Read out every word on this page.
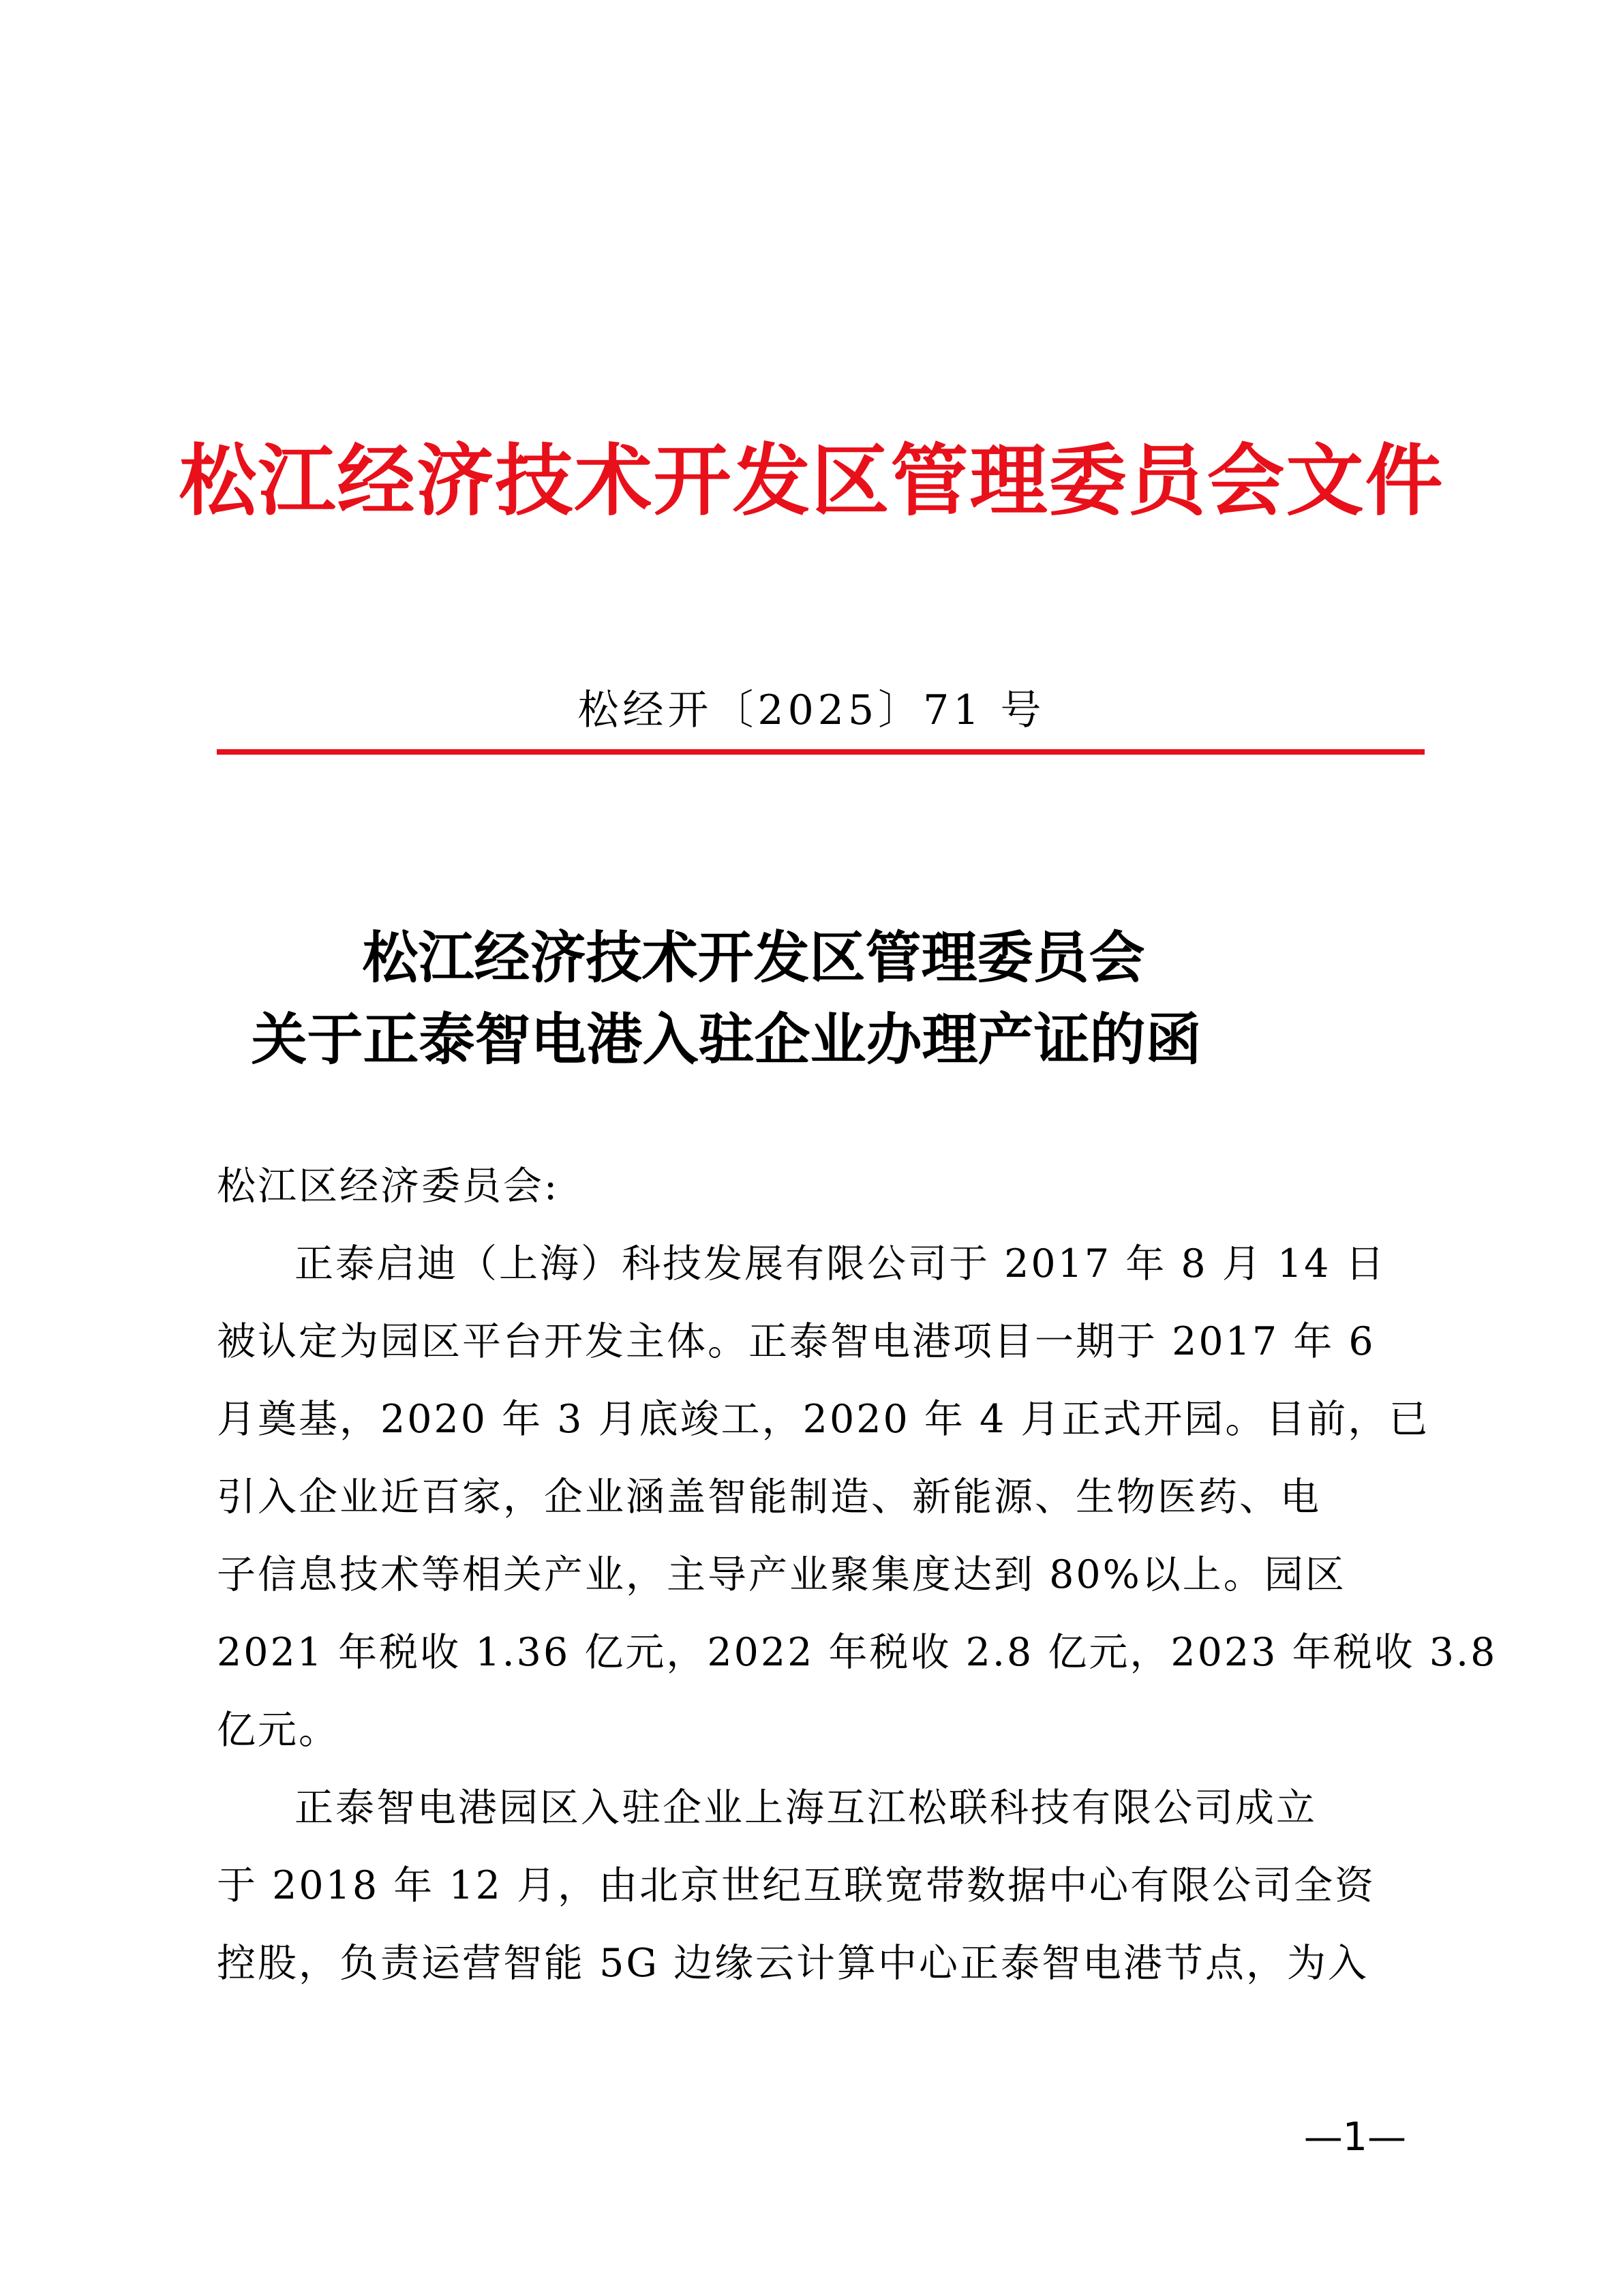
松江经济技术开发区管理委员会文件
松经开〔2025〕71 号
松江经济技术开发区管理委员会
关于正泰智电港入驻企业办理产证的函
松江区经济委员会:
正泰启迪（上海）科技发展有限公司于 2017 年 8 月 14 日
被认定为园区平台开发主体。正泰智电港项目一期于 2017 年 6
月奠基，2020 年 3 月底竣工，2020 年 4 月正式开园。目前，已
引入企业近百家，企业涵盖智能制造、新能源、生物医药、电
子信息技术等相关产业，主导产业聚集度达到 80%以上。园区
2021 年税收 1.36 亿元，2022 年税收 2.8 亿元，2023 年税收 3.8
亿元。
正泰智电港园区入驻企业上海互江松联科技有限公司成立
于 2018 年 12 月，由北京世纪互联宽带数据中心有限公司全资
控股，负责运营智能 5G 边缘云计算中心正泰智电港节点，为入
—1—
